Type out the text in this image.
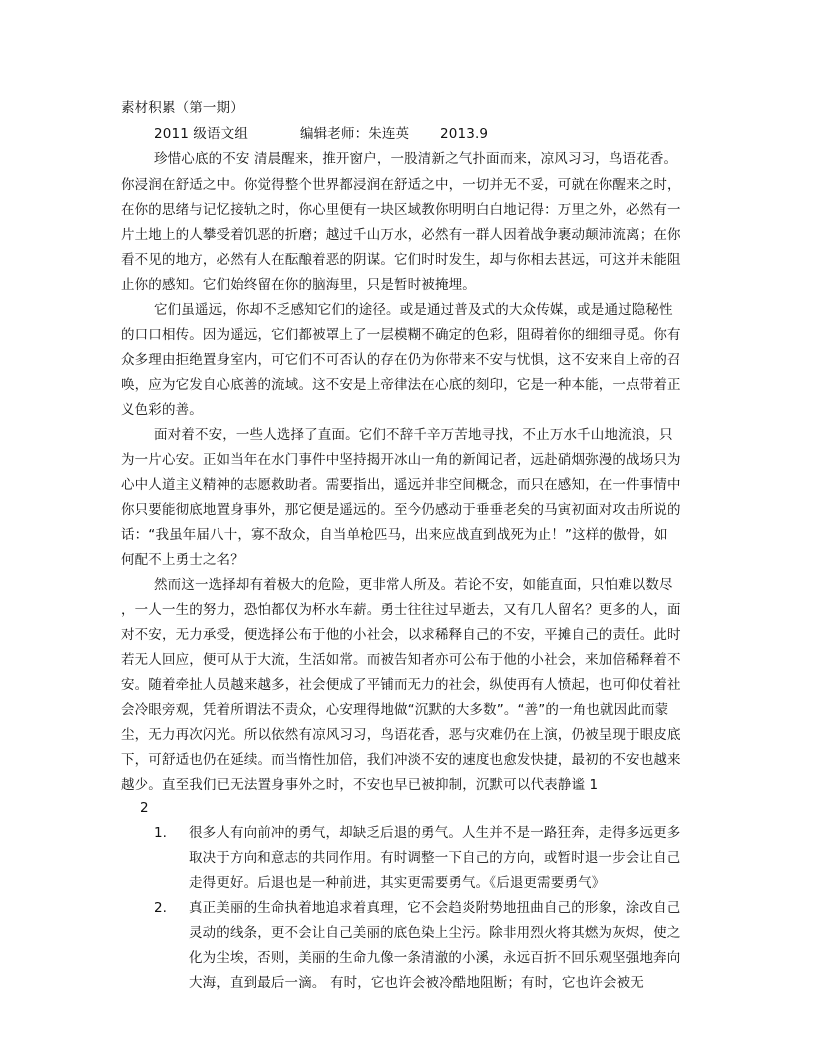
素材积累（第一期）
2011 级语文组	编辑老师：朱连英 2013.9
珍惜心底的不安 清晨醒来，推开窗户，一股清新之气扑面而来，凉风习习，鸟语花香。
你浸润在舒适之中。你觉得整个世界都浸润在舒适之中，一切并无不妥，可就在你醒来之时，
在你的思绪与记忆接轨之时，你心里便有一块区域教你明明白白地记得：万里之外，必然有一
片土地上的人攀受着饥恶的折磨；越过千山万水，必然有一群人因着战争裹动颠沛流离；在你
看不见的地方，必然有人在酝酿着恶的阴谋。它们时时发生，却与你相去甚远，可这并未能阻
止你的感知。它们始终留在你的脑海里，只是暂时被掩埋。
它们虽遥远，你却不乏感知它们的途径。或是通过普及式的大众传媒，或是通过隐秘性
的口口相传。因为遥远，它们都被罩上了一层模糊不确定的色彩，阻碍着你的细细寻觅。你有
众多理由拒绝置身室内，可它们不可否认的存在仍为你带来不安与忧惧，这不安来自上帝的召
唤，应为它发自心底善的流域。这不安是上帝律法在心底的刻印，它是一种本能，一点带着正
义色彩的善。
面对着不安，一些人选择了直面。它们不辞千辛万苦地寻找，不止万水千山地流浪，只
为一片心安。正如当年在水门事件中坚持揭开冰山一角的新闻记者，远赴硝烟弥漫的战场只为
心中人道主义精神的志愿救助者。需要指出，遥远并非空间概念，而只在感知，在一件事情中
你只要能彻底地置身事外，那它便是遥远的。至今仍感动于垂垂老矣的马寅初面对攻击所说的
话：“我虽年届八十，寡不敌众，自当单枪匹马，出来应战直到战死为止！”这样的傲骨，如
何配不上勇士之名？
然而这一选择却有着极大的危险，更非常人所及。若论不安，如能直面，只怕难以数尽
，一人一生的努力，恐怕都仅为杯水车薪。勇士往往过早逝去，又有几人留名？更多的人，面
对不安，无力承受，便选择公布于他的小社会，以求稀释自己的不安，平摊自己的责任。此时
若无人回应，便可从于大流，生活如常。而被告知者亦可公布于他的小社会，来加倍稀释着不
安。随着牵扯人员越来越多，社会便成了平铺而无力的社会，纵使再有人愤起，也可仰仗着社
会冷眼旁观，凭着所谓法不责众，心安理得地做“沉默的大多数”。“善”的一角也就因此而蒙
尘，无力再次闪光。所以依然有凉风习习，鸟语花香，恶与灾难仍在上演，仍被呈现于眼皮底
下，可舒适也仍在延续。而当惰性加倍，我们冲淡不安的速度也愈发快捷，最初的不安也越来
越少。直至我们已无法置身事外之时，不安也早已被抑制，沉默可以代表静谧 1
2
1. 很多人有向前冲的勇气，却缺乏后退的勇气。人生并不是一路狂奔，走得多远更多
取决于方向和意志的共同作用。有时调整一下自己的方向，或暂时退一步会让自己
走得更好。后退也是一种前进，其实更需要勇气。《后退更需要勇气》
2. 真正美丽的生命执着地追求着真理，它不会趋炎附势地扭曲自己的形象，涂改自己
灵动的线条，更不会让自己美丽的底色染上尘污。除非用烈火将其燃为灰烬，使之
化为尘埃，否则，美丽的生命九像一条清澈的小溪，永远百折不回乐观坚强地奔向
大海，直到最后一滴。 有时，它也许会被冷酷地阻断；有时，它也许会被无
